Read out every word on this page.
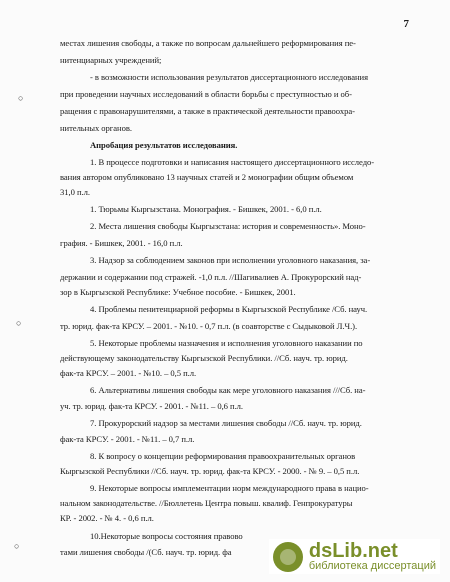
7
местах лишения свободы, а также по вопросам дальнейшего реформирования пе-
нитенциарных учреждений;
- в возможности использования результатов диссертационного исследования
при проведении научных исследований в области борьбы с преступностью и об-
ращения с правонарушителями, а также в практической деятельности правоохра-
нительных органов.
Апробация результатов исследования.
1. В процессе подготовки и написания настоящего диссертационного исследо-
вания автором опубликовано 13 научных статей и 2 монографии общим объемом
31,0 п.л.
1. Тюрьмы Кыргызстана. Монография. - Бишкек, 2001. - 6,0 п.л.
2. Места лишения свободы Кыргызстана: история и современность». Моно-
графия. - Бишкек, 2001. - 16,0 п.л.
3. Надзор за соблюдением законов при исполнении уголовного наказания, за-
держании и содержании под стражей. -1,0 п.л. //Шагивалиев А. Прокурорский над-
зор в Кыргызской Республике: Учебное пособие. - Бишкек, 2001.
4. Проблемы пенитенциарной реформы в Кыргызской Республике /Сб. науч.
тр. юрид. фак-та КРСУ. – 2001. - №10. - 0,7 п.л. (в соавторстве с Сыдыковой Л.Ч.).
5. Некоторые проблемы назначения и исполнения уголовного наказании по
действующему законодательству Кыргызской Республики. //Сб. науч. тр. юрид.
фак-та КРСУ. – 2001. - №10. – 0,5 п.л.
6. Альтернативы лишения свободы как мере уголовного наказания ///Сб. на-
уч. тр. юрид. фак-та КРСУ. - 2001. - №11. – 0,6 п.л.
7. Прокурорский надзор за местами лишения свободы //Сб. науч. тр. юрид.
фак-та КРСУ. - 2001. - №11. – 0,7 п.л.
8. К вопросу о концепции реформирования правоохранительных органов
Кыргызской Республики //Сб. науч. тр. юрид. фак-та КРСУ. - 2000. - № 9. – 0,5 п.л.
9. Некоторые вопросы имплементации норм международного права в нацио-
нальном законодательстве. //Бюллетень Центра повыш. квалиф. Генпрокуратуры
КР. - 2002. - № 4. - 0,6 п.л.
10.Некоторые вопросы состояния правово
тами лишения свободы /(Сб. науч. тр. юрид. фа
○
○
○	dsLib.net
библиотека диссертаций
